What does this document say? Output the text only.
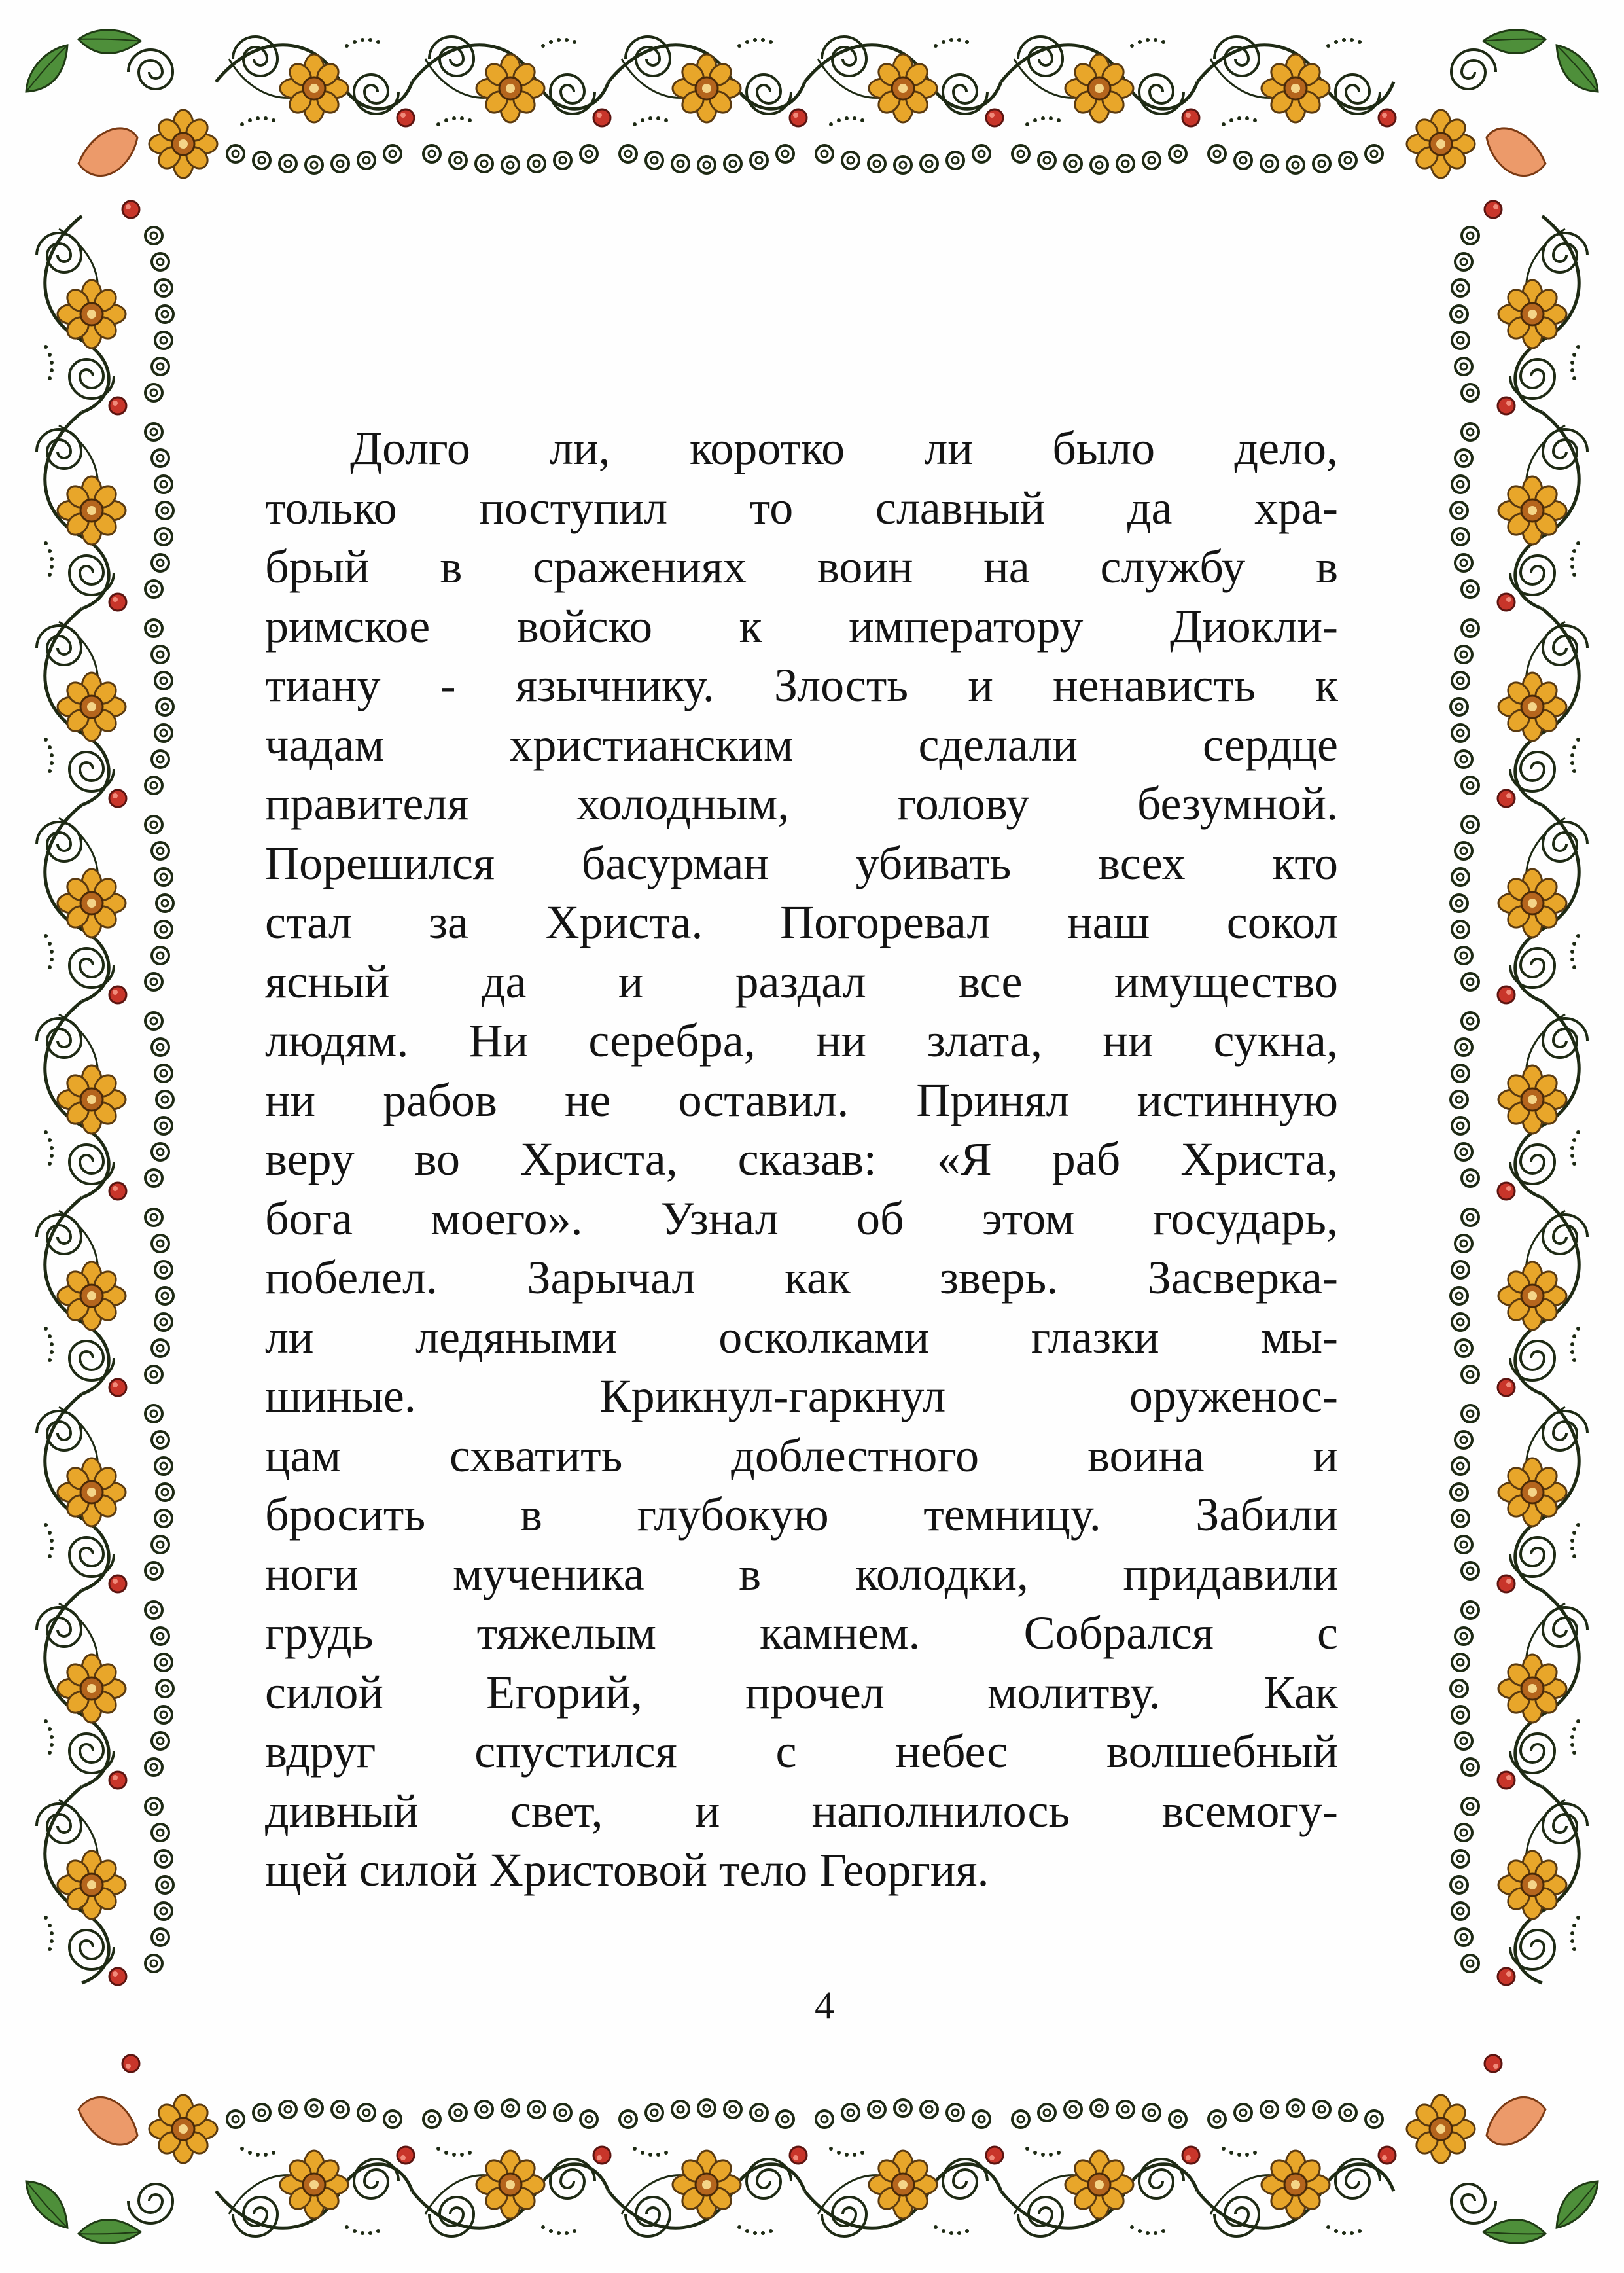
Долго ли, коротко ли было дело,
только поступил то славный да хра-
брый в сражениях воин на службу в
римское войско к императору Диокли-
тиану - язычнику. Злость и ненависть к
чадам христианским сделали сердце
правителя холодным, голову безумной.
Порешился басурман убивать всех кто
стал за Христа. Погоревал наш сокол
ясный да и раздал все имущество
людям. Ни серебра, ни злата, ни сукна,
ни рабов не оставил. Принял истинную
веру во Христа, сказав: «Я раб Христа,
бога моего». Узнал об этом государь,
побелел. Зарычал как зверь. Засверка-
ли ледяными осколками глазки мы-
шиные. Крикнул-гаркнул оруженос-
цам схватить доблестного воина и
бросить в глубокую темницу. Забили
ноги мученика в колодки, придавили
грудь тяжелым камнем. Собрался с
силой Егорий, прочел молитву. Как
вдруг спустился с небес волшебный
дивный свет, и наполнилось всемогу-
щей силой Христовой тело Георгия.
4
